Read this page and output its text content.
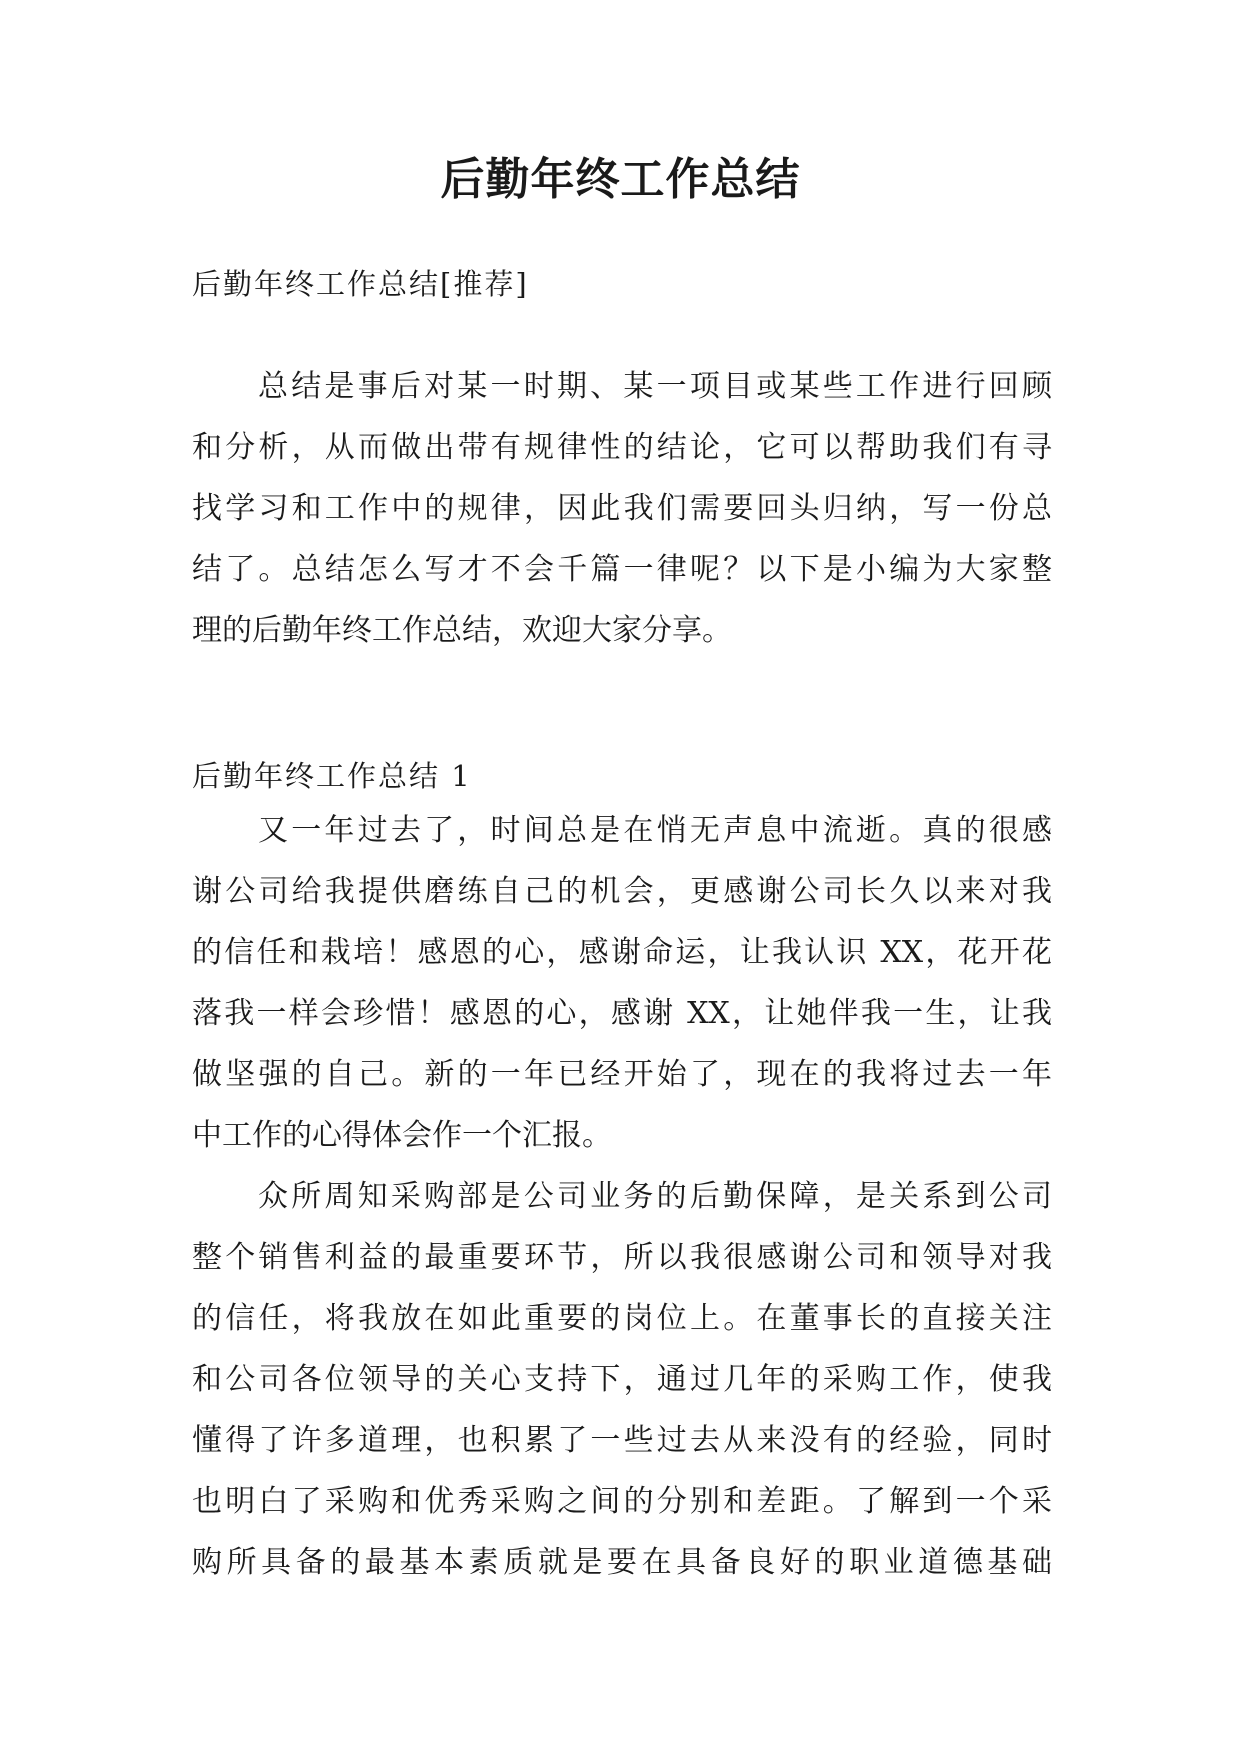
后勤年终工作总结
后勤年终工作总结[推荐]
总结是事后对某一时期、某一项目或某些工作进行回顾
和分析，从而做出带有规律性的结论，它可以帮助我们有寻
找学习和工作中的规律，因此我们需要回头归纳，写一份总
结了。总结怎么写才不会千篇一律呢？以下是小编为大家整
理的后勤年终工作总结，欢迎大家分享。
后勤年终工作总结 1
又一年过去了，时间总是在悄无声息中流逝。真的很感
谢公司给我提供磨练自己的机会，更感谢公司长久以来对我
的信任和栽培！感恩的心，感谢命运，让我认识 XX，花开花
落我一样会珍惜！感恩的心，感谢 XX，让她伴我一生，让我
做坚强的自己。新的一年已经开始了，现在的我将过去一年
中工作的心得体会作一个汇报。
众所周知采购部是公司业务的后勤保障，是关系到公司
整个销售利益的最重要环节，所以我很感谢公司和领导对我
的信任，将我放在如此重要的岗位上。在董事长的直接关注
和公司各位领导的关心支持下，通过几年的采购工作，使我
懂得了许多道理，也积累了一些过去从来没有的经验，同时
也明白了采购和优秀采购之间的分别和差距。了解到一个采
购所具备的最基本素质就是要在具备良好的职业道德基础
